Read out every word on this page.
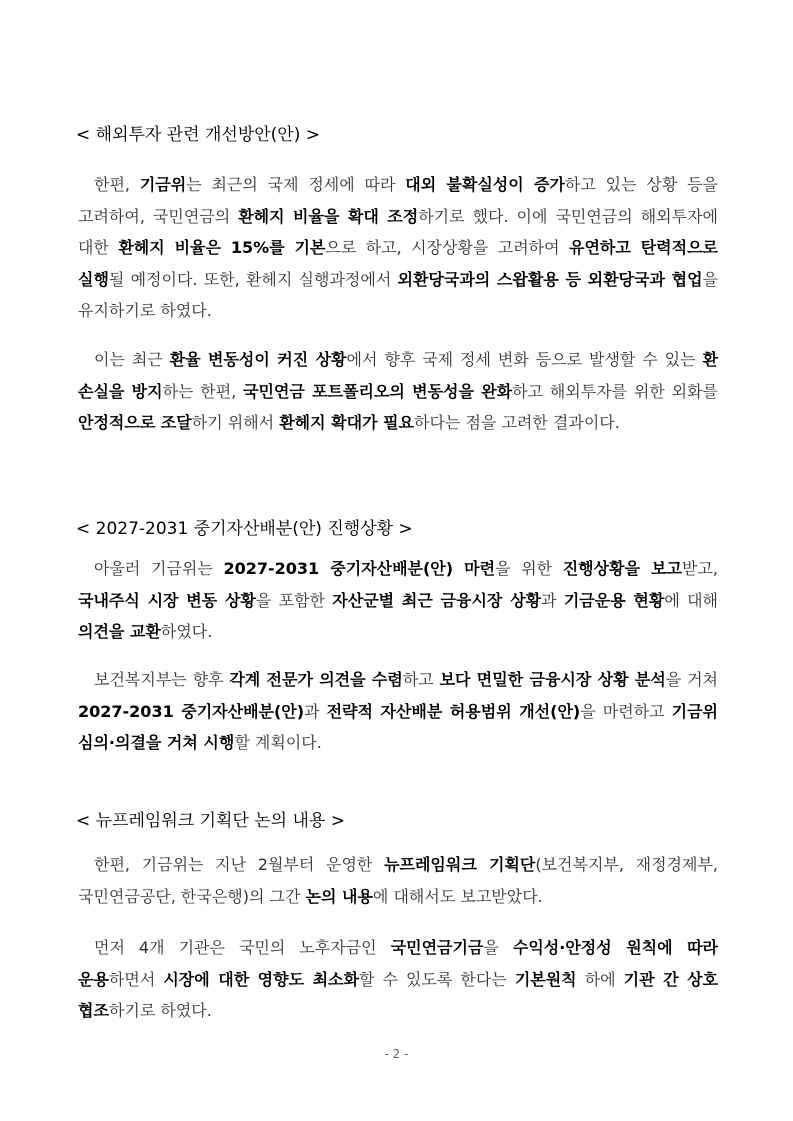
< 해외투자 관련 개선방안(안) >
한편, 기금위는 최근의 국제 정세에 따라 대외 불확실성이 증가하고 있는 상황 등을 고려하여, 국민연금의 환헤지 비율을 확대 조정하기로 했다. 이에 국민연금의 해외투자에 대한 환헤지 비율은 15%를 기본으로 하고, 시장상황을 고려하여 유연하고 탄력적으로 실행될 예정이다. 또한, 환헤지 실행과정에서 외환당국과의 스왑활용 등 외환당국과 협업을 유지하기로 하였다.
이는 최근 환율 변동성이 커진 상황에서 향후 국제 정세 변화 등으로 발생할 수 있는 환 손실을 방지하는 한편, 국민연금 포트폴리오의 변동성을 완화하고 해외투자를 위한 외화를 안정적으로 조달하기 위해서 환헤지 확대가 필요하다는 점을 고려한 결과이다.
< 2027-2031 중기자산배분(안) 진행상황 >
아울러 기금위는 2027-2031 중기자산배분(안) 마련을 위한 진행상황을 보고받고, 국내주식 시장 변동 상황을 포함한 자산군별 최근 금융시장 상황과 기금운용 현황에 대해 의견을 교환하였다.
보건복지부는 향후 각계 전문가 의견을 수렴하고 보다 면밀한 금융시장 상황 분석을 거쳐 2027-2031 중기자산배분(안)과 전략적 자산배분 허용범위 개선(안)을 마련하고 기금위 심의·의결을 거쳐 시행할 계획이다.
< 뉴프레임워크 기획단 논의 내용 >
한편, 기금위는 지난 2월부터 운영한 뉴프레임워크 기획단(보건복지부, 재정경제부, 국민연금공단, 한국은행)의 그간 논의 내용에 대해서도 보고받았다.
먼저 4개 기관은 국민의 노후자금인 국민연금기금을 수익성·안정성 원칙에 따라 운용하면서 시장에 대한 영향도 최소화할 수 있도록 한다는 기본원칙 하에 기관 간 상호 협조하기로 하였다.
- 2 -
